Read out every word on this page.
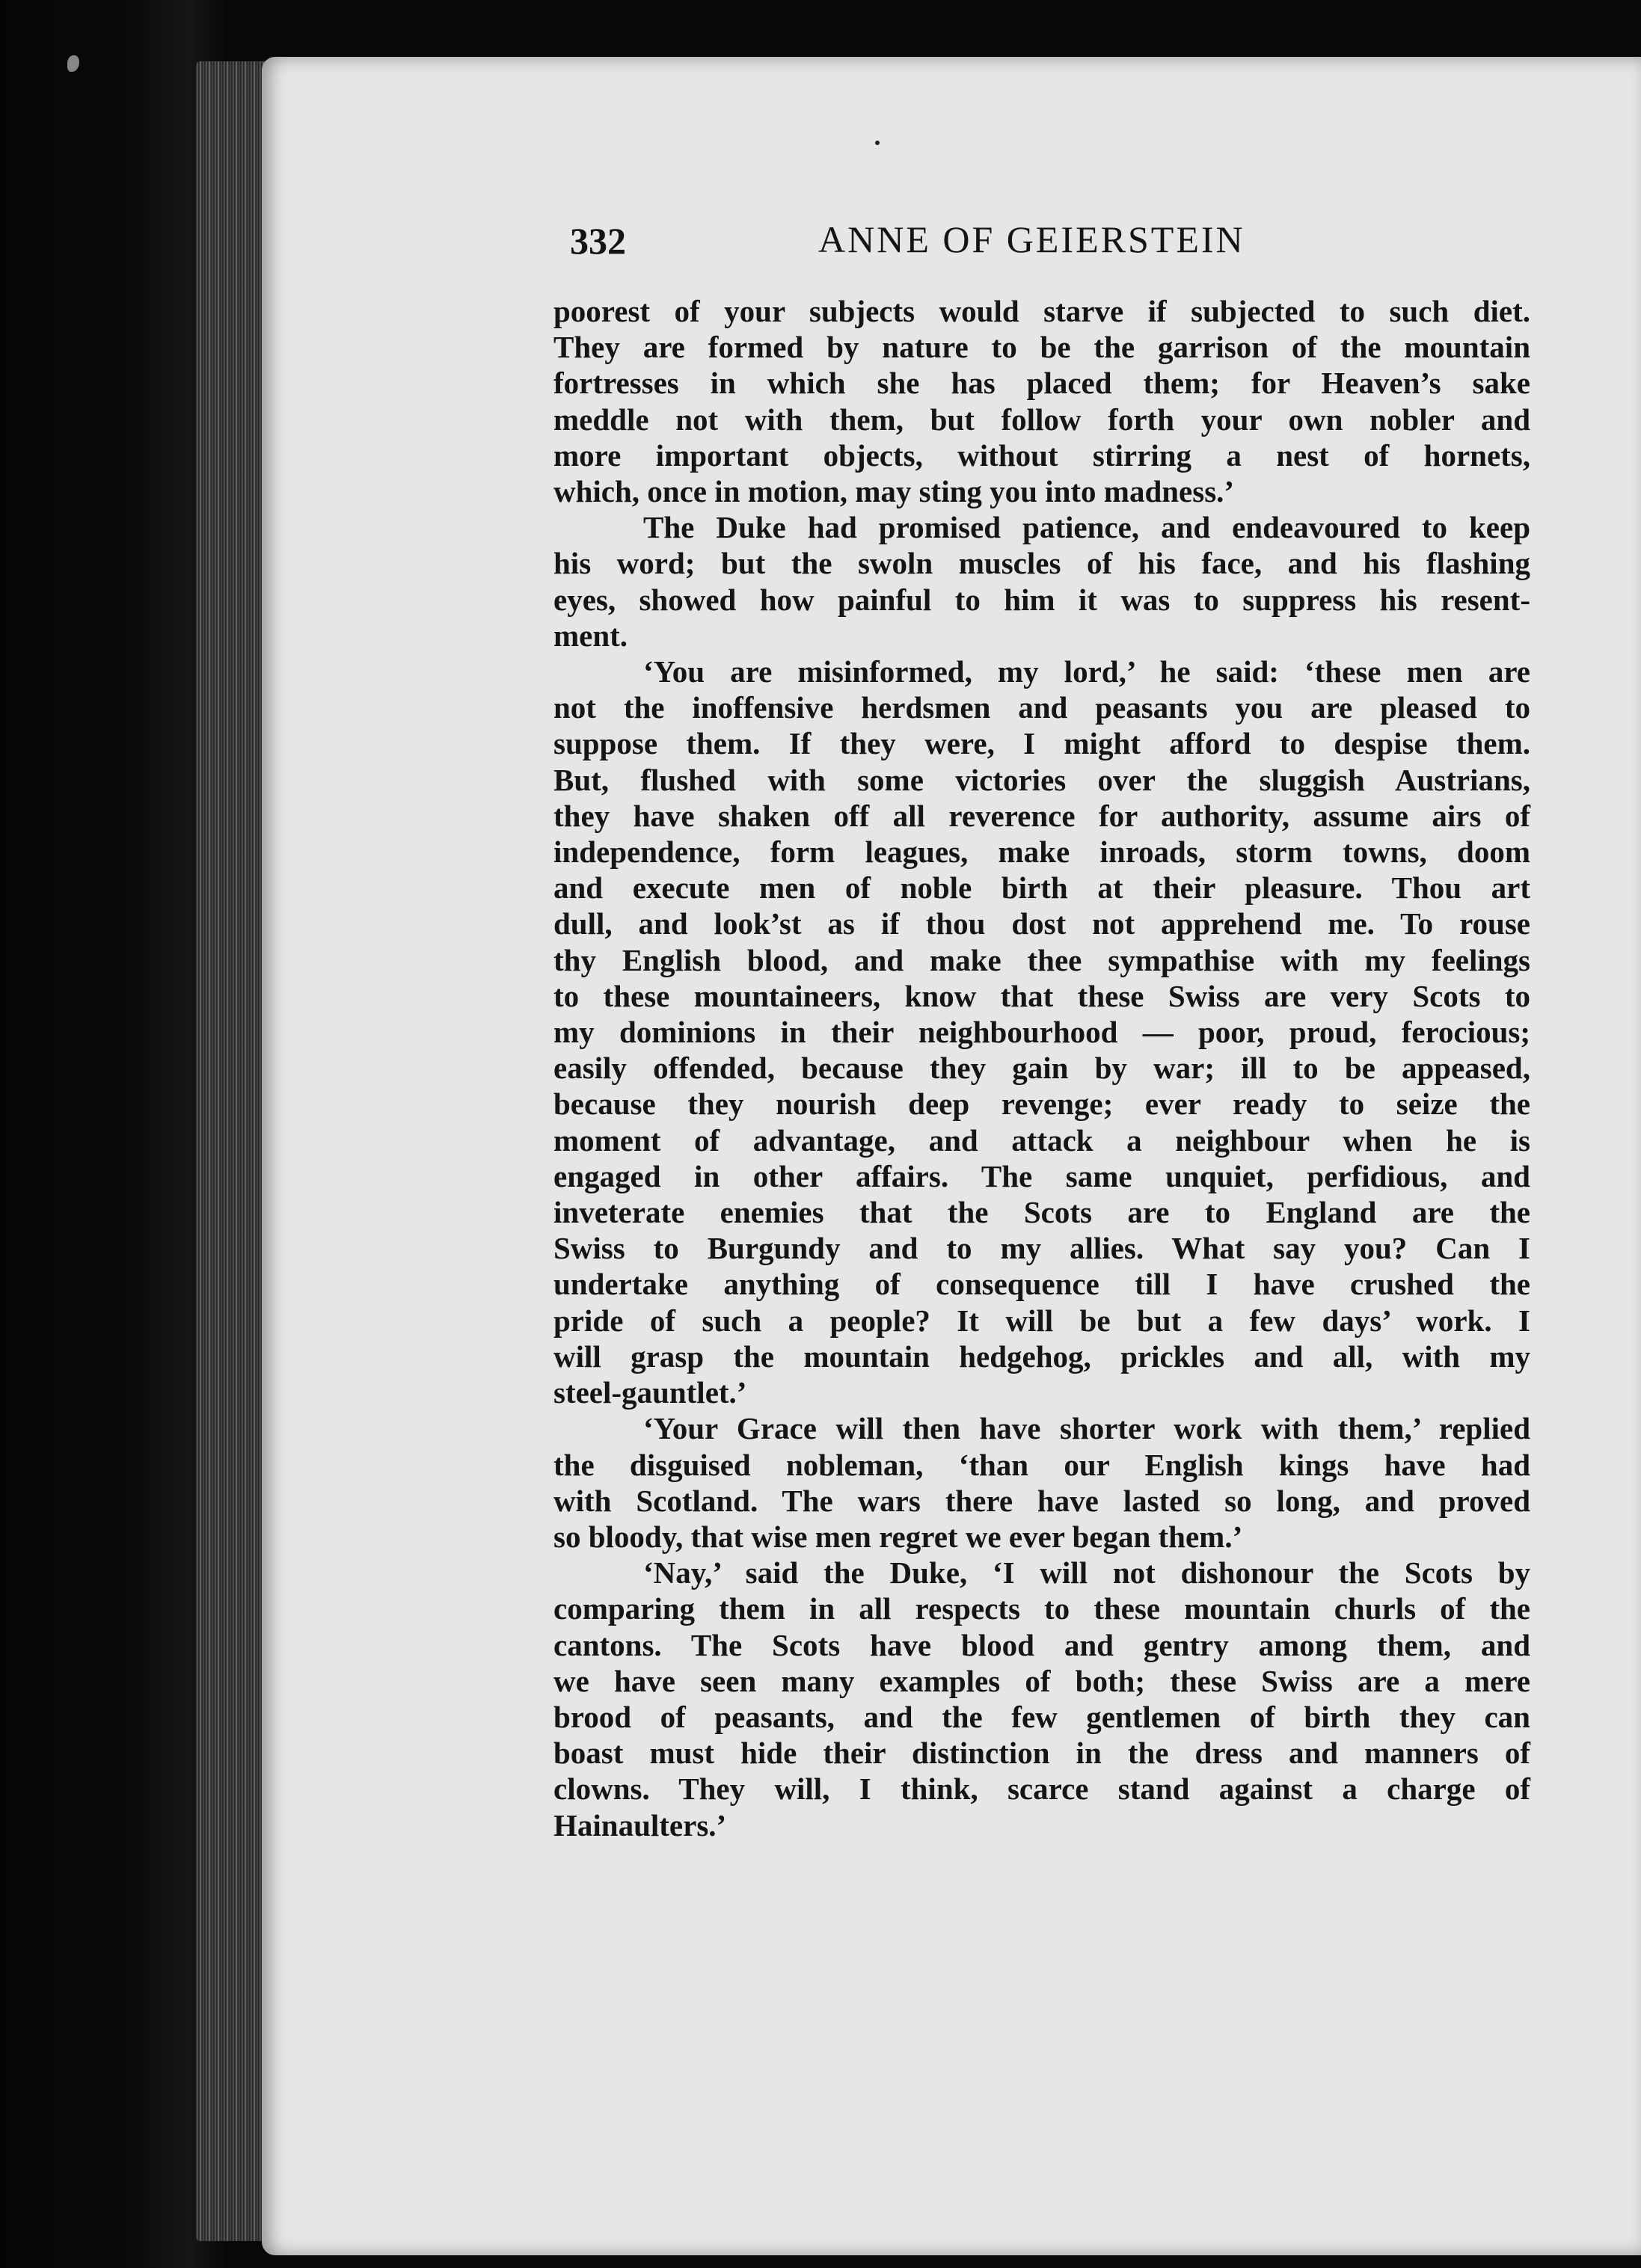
332	ANNE OF GEIERSTEIN
poorest of your subjects would starve if subjected to such diet.
They are formed by nature to be the garrison of the mountain
fortresses in which she has placed them; for Heaven’s sake
meddle not with them, but follow forth your own nobler and
more important objects, without stirring a nest of hornets,
which, once in motion, may sting you into madness.’
The Duke had promised patience, and endeavoured to keep
his word; but the swoln muscles of his face, and his flashing
eyes, showed how painful to him it was to suppress his resent-
ment.
‘You are misinformed, my lord,’ he said: ‘these men are
not the inoffensive herdsmen and peasants you are pleased to
suppose them. If they were, I might afford to despise them.
But, flushed with some victories over the sluggish Austrians,
they have shaken off all reverence for authority, assume airs of
independence, form leagues, make inroads, storm towns, doom
and execute men of noble birth at their pleasure. Thou art
dull, and look’st as if thou dost not apprehend me. To rouse
thy English blood, and make thee sympathise with my feelings
to these mountaineers, know that these Swiss are very Scots to
my dominions in their neighbourhood — poor, proud, ferocious;
easily offended, because they gain by war; ill to be appeased,
because they nourish deep revenge; ever ready to seize the
moment of advantage, and attack a neighbour when he is
engaged in other affairs. The same unquiet, perfidious, and
inveterate enemies that the Scots are to England are the
Swiss to Burgundy and to my allies. What say you? Can I
undertake anything of consequence till I have crushed the
pride of such a people? It will be but a few days’ work. I
will grasp the mountain hedgehog, prickles and all, with my
steel-gauntlet.’
‘Your Grace will then have shorter work with them,’ replied
the disguised nobleman, ‘than our English kings have had
with Scotland. The wars there have lasted so long, and proved
so bloody, that wise men regret we ever began them.’
‘Nay,’ said the Duke, ‘I will not dishonour the Scots by
comparing them in all respects to these mountain churls of the
cantons. The Scots have blood and gentry among them, and
we have seen many examples of both; these Swiss are a mere
brood of peasants, and the few gentlemen of birth they can
boast must hide their distinction in the dress and manners of
clowns. They will, I think, scarce stand against a charge of
Hainaulters.’
